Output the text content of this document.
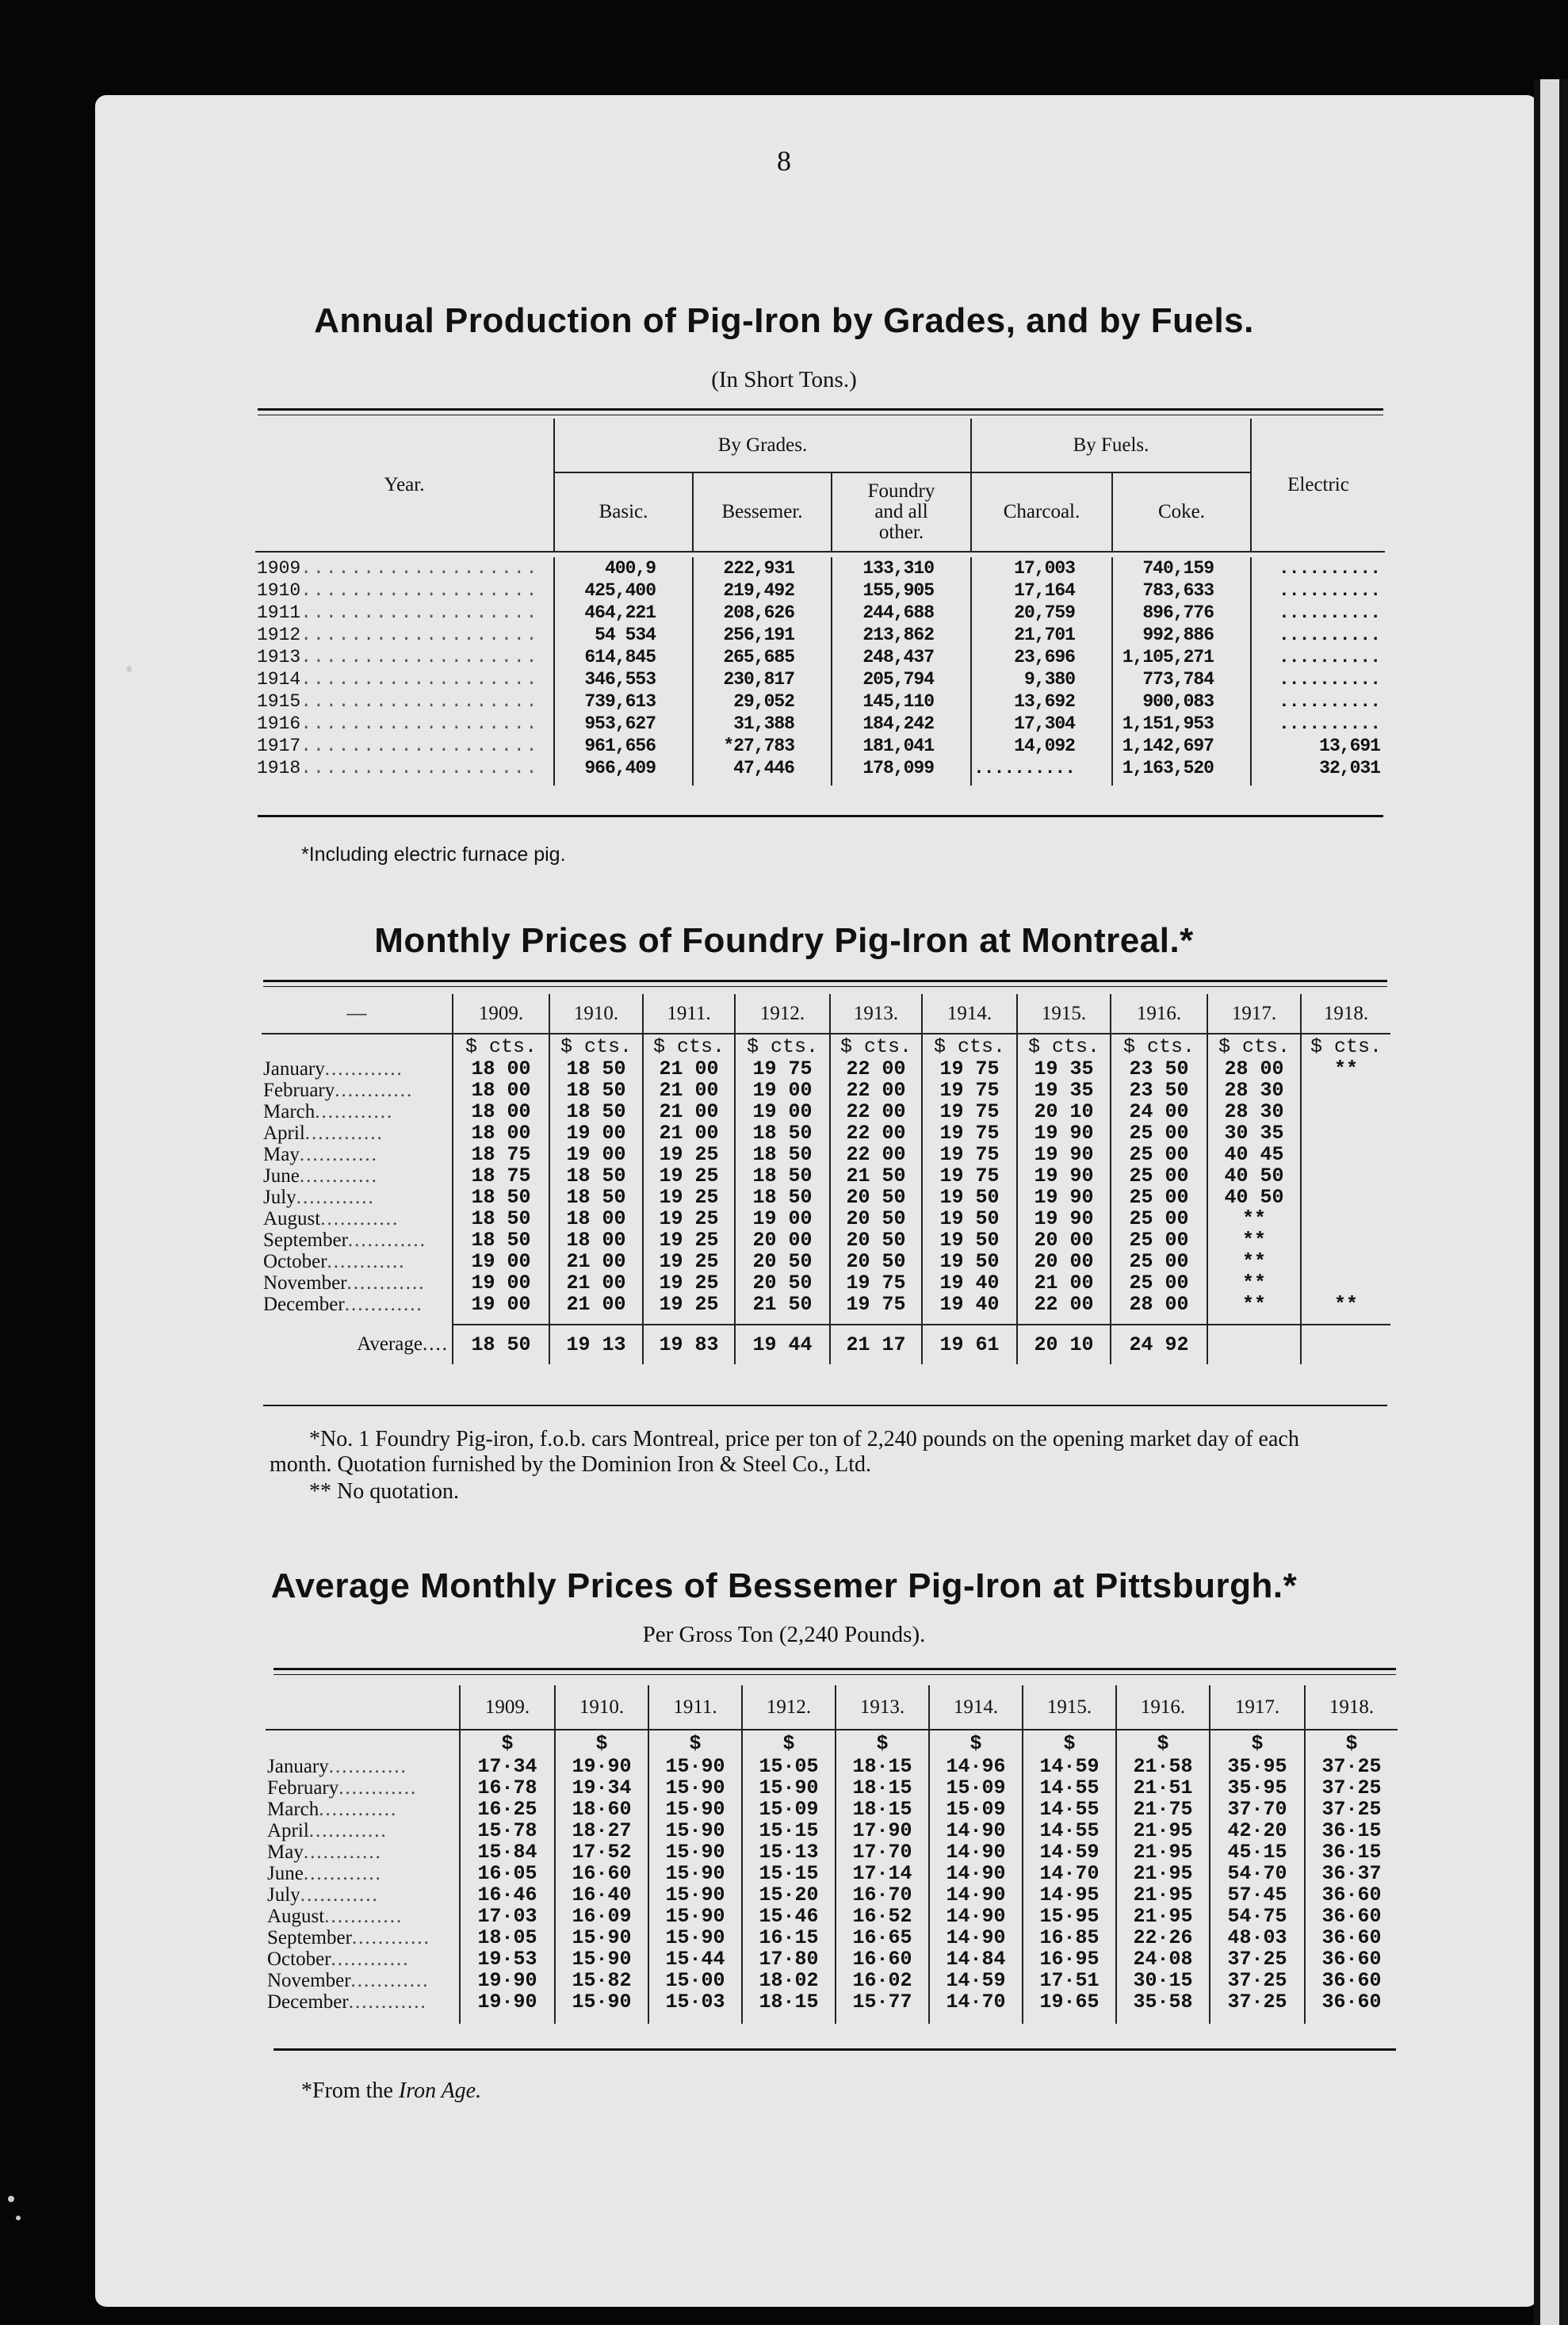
8
Annual Production of Pig-Iron by Grades, and by Fuels.
(In Short Tons.)
Year.	By Grades.			By Fuels.		Electric
	Basic.	Bessemer.	Foundry and all other.	Charcoal.	Coke.	

1909...................	400,9	222,931	133,310	17,003	740,159	..........
1910...................	425,400	219,492	155,905	17,164	783,633	..........
1911...................	464,221	208,626	244,688	20,759	896,776	..........
1912...................	54 534	256,191	213,862	21,701	992,886	..........
1913...................	614,845	265,685	248,437	23,696	1,105,271	..........
1914...................	346,553	230,817	205,794	9,380	773,784	..........
1915...................	739,613	29,052	145,110	13,692	900,083	..........
1916...................	953,627	31,388	184,242	17,304	1,151,953	..........
1917...................	961,656	*27,783	181,041	14,092	1,142,697	13,691
1918...................	966,409	47,446	178,099	..........	1,163,520	32,031

*Including electric furnace pig.
Monthly Prices of Foundry Pig-Iron at Montreal.*
—	1909.	1910.	1911.	1912.	1913.	1914.	1915.	1916.	1917.	1918.

	$ cts.	$ cts.	$ cts.	$ cts.	$ cts.	$ cts.	$ cts.	$ cts.	$ cts.	$ cts.
January............	18 00	18 50	21 00	19 75	22 00	19 75	19 35	23 50	28 00	**
February............	18 00	18 50	21 00	19 00	22 00	19 75	19 35	23 50	28 30	
March............	18 00	18 50	21 00	19 00	22 00	19 75	20 10	24 00	28 30	
April............	18 00	19 00	21 00	18 50	22 00	19 75	19 90	25 00	30 35	
May............	18 75	19 00	19 25	18 50	22 00	19 75	19 90	25 00	40 45	
June............	18 75	18 50	19 25	18 50	21 50	19 75	19 90	25 00	40 50	
July............	18 50	18 50	19 25	18 50	20 50	19 50	19 90	25 00	40 50	
August............	18 50	18 00	19 25	19 00	20 50	19 50	19 90	25 00	**	
September............	18 50	18 00	19 25	20 00	20 50	19 50	20 00	25 00	**	
October............	19 00	21 00	19 25	20 50	20 50	19 50	20 00	25 00	**	
November............	19 00	21 00	19 25	20 50	19 75	19 40	21 00	25 00	**	
December............	19 00	21 00	19 25	21 50	19 75	19 40	22 00	28 00	**	**

Average....	18 50	19 13	19 83	19 44	21 17	19 61	20 10	24 92		
*No. 1 Foundry Pig-iron, f.o.b. cars Montreal, price per ton of 2,240 pounds on the opening market day of each month. Quotation furnished by the Dominion Iron & Steel Co., Ltd.
** No quotation.
Average Monthly Prices of Bessemer Pig-Iron at Pittsburgh.*
Per Gross Ton (2,240 Pounds).
	1909.	1910.	1911.	1912.	1913.	1914.	1915.	1916.	1917.	1918.

	$	$	$	$	$	$	$	$	$	$
January............	17·34	19·90	15·90	15·05	18·15	14·96	14·59	21·58	35·95	37·25
February............	16·78	19·34	15·90	15·90	18·15	15·09	14·55	21·51	35·95	37·25
March............	16·25	18·60	15·90	15·09	18·15	15·09	14·55	21·75	37·70	37·25
April............	15·78	18·27	15·90	15·15	17·90	14·90	14·55	21·95	42·20	36·15
May............	15·84	17·52	15·90	15·13	17·70	14·90	14·59	21·95	45·15	36·15
June............	16·05	16·60	15·90	15·15	17·14	14·90	14·70	21·95	54·70	36·37
July............	16·46	16·40	15·90	15·20	16·70	14·90	14·95	21·95	57·45	36·60
August............	17·03	16·09	15·90	15·46	16·52	14·90	15·95	21·95	54·75	36·60
September............	18·05	15·90	15·90	16·15	16·65	14·90	16·85	22·26	48·03	36·60
October............	19·53	15·90	15·44	17·80	16·60	14·84	16·95	24·08	37·25	36·60
November............	19·90	15·82	15·00	18·02	16·02	14·59	17·51	30·15	37·25	36·60
December............	19·90	15·90	15·03	18·15	15·77	14·70	19·65	35·58	37·25	36·60

*From the Iron Age.
